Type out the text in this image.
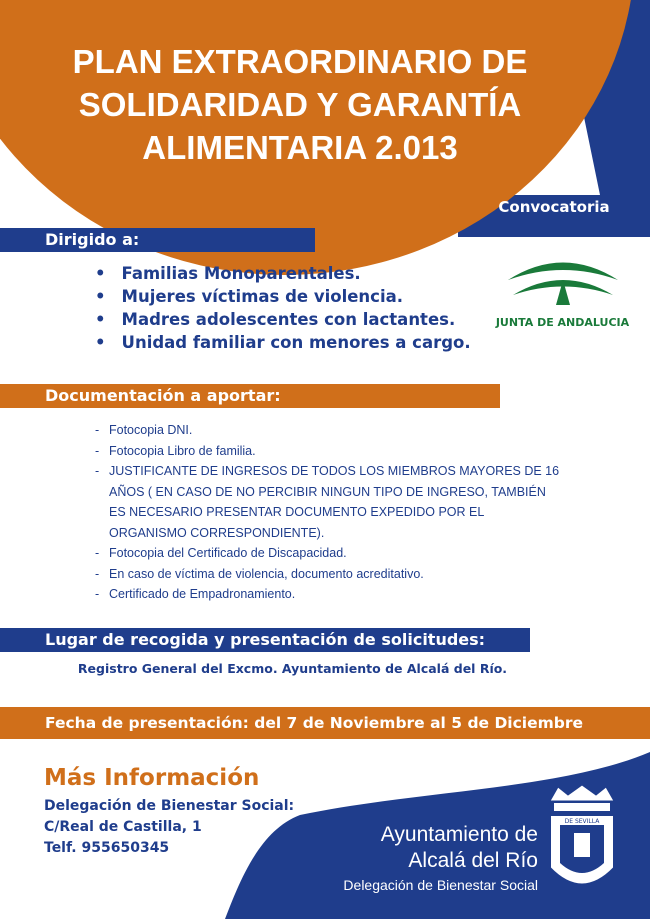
PLAN EXTRAORDINARIO DE
SOLIDARIDAD Y GARANTÍA
ALIMENTARIA 2.013
Convocatoria
Dirigido a:
• Familias Monoparentales.
• Mujeres víctimas de violencia.
• Madres adolescentes con lactantes.
• Unidad familiar con menores a cargo.
JUNTA DE ANDALUCIA
Documentación a aportar:
- Fotocopia DNI.
- Fotocopia Libro de familia.
- JUSTIFICANTE DE INGRESOS DE TODOS LOS MIEMBROS MAYORES DE 16 AÑOS ( EN CASO DE NO PERCIBIR NINGUN TIPO DE INGRESO, TAMBIÉN ES NECESARIO PRESENTAR DOCUMENTO EXPEDIDO POR EL ORGANISMO CORRESPONDIENTE).
- Fotocopia del Certificado de Discapacidad.
- En caso de víctima de violencia, documento acreditativo.
- Certificado de Empadronamiento.
Lugar de recogida y presentación de solicitudes:
Registro General del Excmo. Ayuntamiento de Alcalá del Río.
Fecha de presentación: del 7 de Noviembre al 5 de Diciembre
Más Información
Delegación de Bienestar Social:
C/Real de Castilla, 1
Telf. 955650345
Ayuntamiento de
Alcalá del Río
Delegación de Bienestar Social
DE SEVILLA
